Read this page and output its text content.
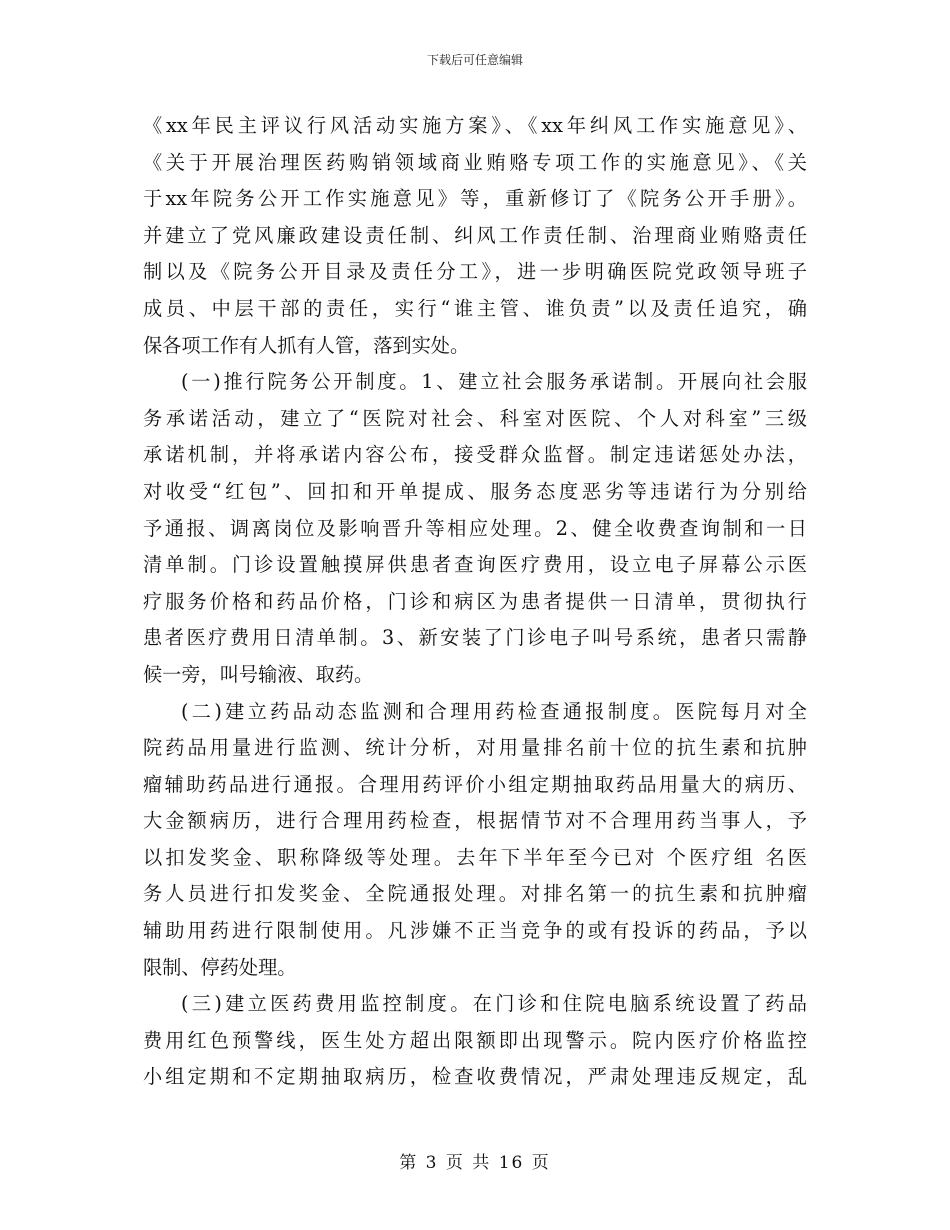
下载后可任意编辑
《xx年民主评议行风活动实施方案》、《xx年纠风工作实施意见》、
《关于开展治理医药购销领域商业贿赂专项工作的实施意见》、《关
于xx年院务公开工作实施意见》等，重新修订了《院务公开手册》。
并建立了党风廉政建设责任制、纠风工作责任制、治理商业贿赂责任
制以及《院务公开目录及责任分工》，进一步明确医院党政领导班子
成员、中层干部的责任，实行“谁主管、谁负责”以及责任追究，确
保各项工作有人抓有人管，落到实处。
(一)推行院务公开制度。1、建立社会服务承诺制。开展向社会服
务承诺活动，建立了“医院对社会、科室对医院、个人对科室”三级
承诺机制，并将承诺内容公布，接受群众监督。制定违诺惩处办法，
对收受“红包”、回扣和开单提成、服务态度恶劣等违诺行为分别给
予通报、调离岗位及影响晋升等相应处理。2、健全收费查询制和一日
清单制。门诊设置触摸屏供患者查询医疗费用，设立电子屏幕公示医
疗服务价格和药品价格，门诊和病区为患者提供一日清单，贯彻执行
患者医疗费用日清单制。3、新安装了门诊电子叫号系统，患者只需静
候一旁，叫号输液、取药。
(二)建立药品动态监测和合理用药检查通报制度。医院每月对全
院药品用量进行监测、统计分析，对用量排名前十位的抗生素和抗肿
瘤辅助药品进行通报。合理用药评价小组定期抽取药品用量大的病历、
大金额病历，进行合理用药检查，根据情节对不合理用药当事人，予
以扣发奖金、职称降级等处理。去年下半年至今已对 个医疗组 名医
务人员进行扣发奖金、全院通报处理。对排名第一的抗生素和抗肿瘤
辅助用药进行限制使用。凡涉嫌不正当竞争的或有投诉的药品，予以
限制、停药处理。
(三)建立医药费用监控制度。在门诊和住院电脑系统设置了药品
费用红色预警线，医生处方超出限额即出现警示。院内医疗价格监控
小组定期和不定期抽取病历，检查收费情况，严肃处理违反规定，乱
第 3 页 共 16 页
